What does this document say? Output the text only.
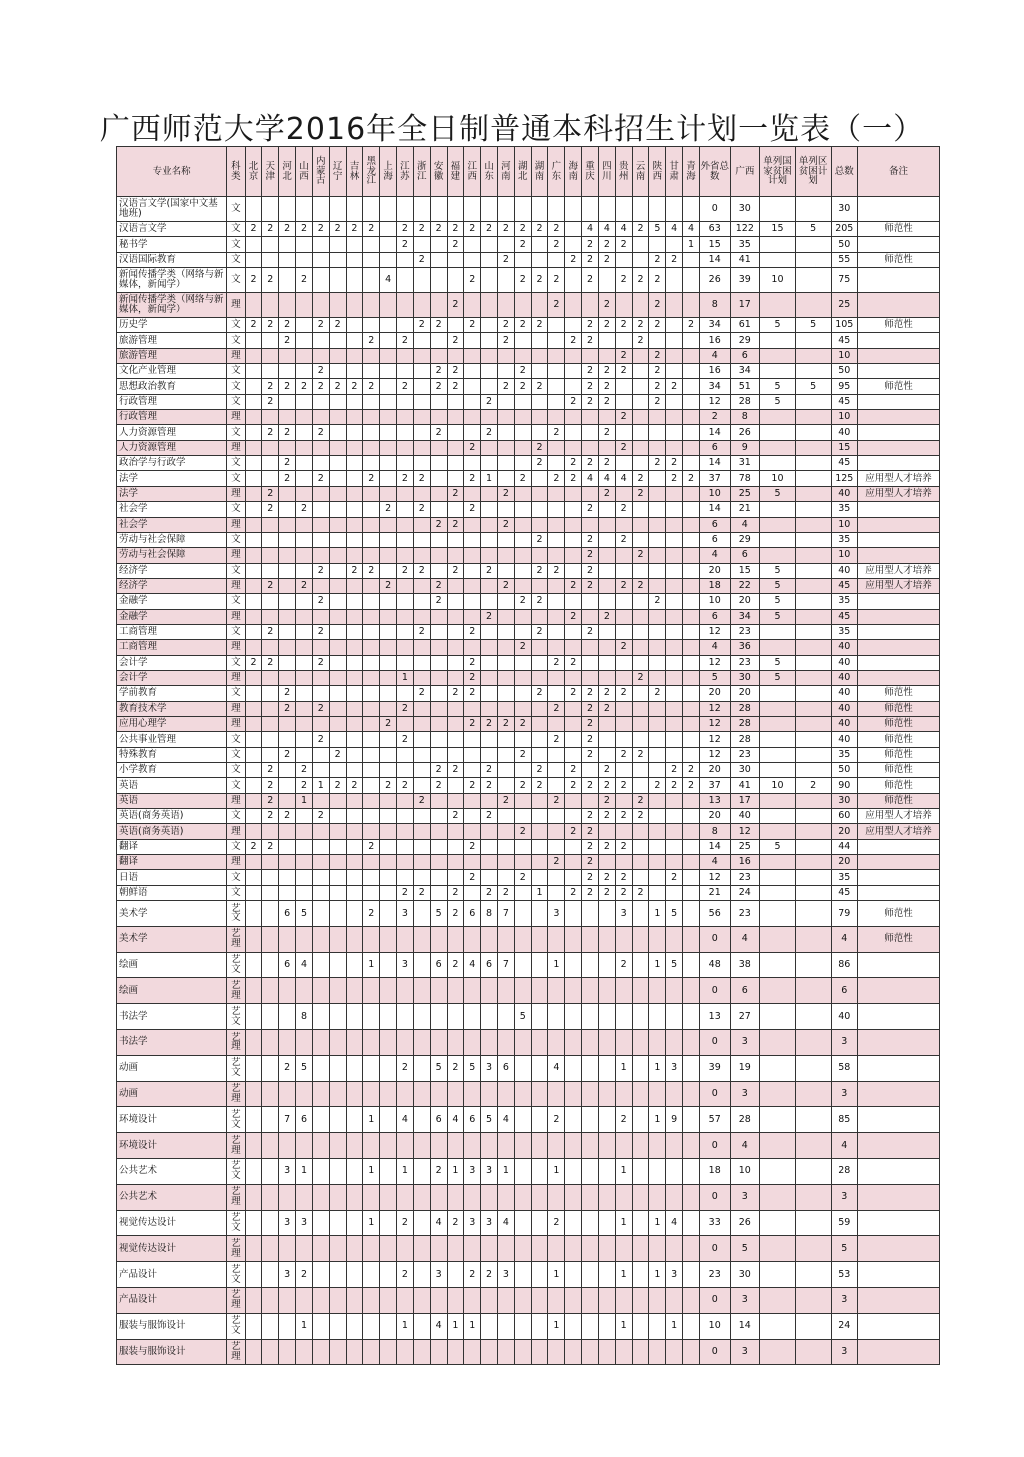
广西师范大学2016年全日制普通本科招生计划一览表（一）
专业名称	科类	北京	天津	河北	山西	内蒙古	辽宁	吉林	黑龙江	上海	江苏	浙江	安徽	福建	江西	山东	河南	湖北	湖南	广东	海南	重庆	四川	贵州	云南	陕西	甘肃	青海	外省总数	广西	单列国家贫困计划	单列区贫困计划	总数	备注
汉语言文学(国家中文基地班)	文																												0	30			30	
汉语言文学	文	2	2	2	2	2	2	2	2		2	2	2	2	2	2	2	2	2	2		4	4	4	2	5	4	4	63	122	15	5	205	师范性
秘书学	文										2			2				2		2		2	2	2				1	15	35			50	
汉语国际教育	文											2					2				2	2	2			2	2		14	41			55	师范性
新闻传播学类（网络与新媒体，新闻学）	文	2	2		2					4					2			2	2	2		2		2	2	2			26	39	10		75	
新闻传播学类（网络与新媒体，新闻学）	理													2						2			2			2			8	17			25	
历史学	文	2	2	2		2	2					2	2		2		2	2	2			2	2	2	2	2		2	34	61	5	5	105	师范性
旅游管理	文			2					2		2			2			2				2	2			2				16	29			45	
旅游管理	理																							2		2			4	6			10	
文化产业管理	文					2							2	2				2				2	2	2		2			16	34			50	
思想政治教育	文		2	2	2	2	2	2	2		2		2	2			2	2	2			2	2			2	2		34	51	5	5	95	师范性
行政管理	文		2													2					2	2	2			2			12	28	5		45	
行政管理	理																							2					2	8			10	
人力资源管理	文		2	2		2							2			2				2			2						14	26			40	
人力资源管理	理														2				2					2					6	9			15	
政治学与行政学	文			2															2		2	2	2			2	2		14	31			45	
法学	文			2		2			2		2	2			2	1		2		2	2	4	4	4	2		2	2	37	78	10		125	应用型人才培养
法学	理		2											2			2						2		2				10	25	5		40	应用型人才培养
社会学	文		2		2					2		2			2							2		2					14	21			35	
社会学	理												2	2			2												6	4			10	
劳动与社会保障	文																		2			2		2					6	29			35	
劳动与社会保障	理																					2			2				4	6			10	
经济学	文					2		2	2		2	2		2		2			2	2		2							20	15	5		40	应用型人才培养
经济学	理		2		2					2			2				2				2	2		2	2				18	22	5		45	应用型人才培养
金融学	文					2							2					2	2							2			10	20	5		35	
金融学	理															2					2		2						6	34	5		45	
工商管理	文		2			2						2			2				2			2							12	23			35	
工商管理	理																	2						2					4	36			40	
会计学	文	2	2			2									2					2	2								12	23	5		40	
会计学	理										1				2										2				5	30	5		40	
学前教育	文			2								2		2	2				2		2	2	2	2		2			20	20			40	师范性
教育技术学	理			2		2					2									2		2	2						12	28			40	师范性
应用心理学	理									2					2	2	2	2				2							12	28			40	师范性
公共事业管理	文					2					2									2		2							12	28			40	师范性
特殊教育	文			2			2											2				2		2	2				12	23			35	师范性
小学教育	文		2		2								2	2		2			2		2		2				2	2	20	30			50	师范性
英语	文		2		2	1	2	2		2	2		2		2	2		2	2		2	2	2	2		2	2	2	37	41	10	2	90	师范性
英语	理		2		1							2					2			2			2		2				13	17			30	师范性
英语(商务英语)	文		2	2		2								2		2						2	2	2	2				20	40			60	应用型人才培养
英语(商务英语)	理																	2			2	2							8	12			20	应用型人才培养
翻译	文	2	2						2						2							2	2	2					14	25	5		44	
翻译	理																			2		2							4	16			20	
日语	文														2			2				2	2	2			2		12	23			35	
朝鲜语	文										2	2		2		2	2		1		2	2	2	2	2				21	24			45	
美术学	艺文			6	5				2		3		5	2	6	8	7			3				3		1	5		56	23			79	师范性
美术学	艺理																												0	4			4	师范性
绘画	艺文			6	4				1		3		6	2	4	6	7			1				2		1	5		48	38			86	
绘画	艺理																												0	6			6	
书法学	艺文				8													5											13	27			40	
书法学	艺理																												0	3			3	
动画	艺文			2	5						2		5	2	5	3	6			4				1		1	3		39	19			58	
动画	艺理																												0	3			3	
环境设计	艺文			7	6				1		4		6	4	6	5	4			2				2		1	9		57	28			85	
环境设计	艺理																												0	4			4	
公共艺术	艺文			3	1				1		1		2	1	3	3	1			1				1					18	10			28	
公共艺术	艺理																												0	3			3	
视觉传达设计	艺文			3	3				1		2		4	2	3	3	4			2				1		1	4		33	26			59	
视觉传达设计	艺理																												0	5			5	
产品设计	艺文			3	2						2		3		2	2	3			1				1		1	3		23	30			53	
产品设计	艺理																												0	3			3	
服装与服饰设计	艺文				1						1		4	1	1					1				1			1		10	14			24	
服装与服饰设计	艺理																												0	3			3	
